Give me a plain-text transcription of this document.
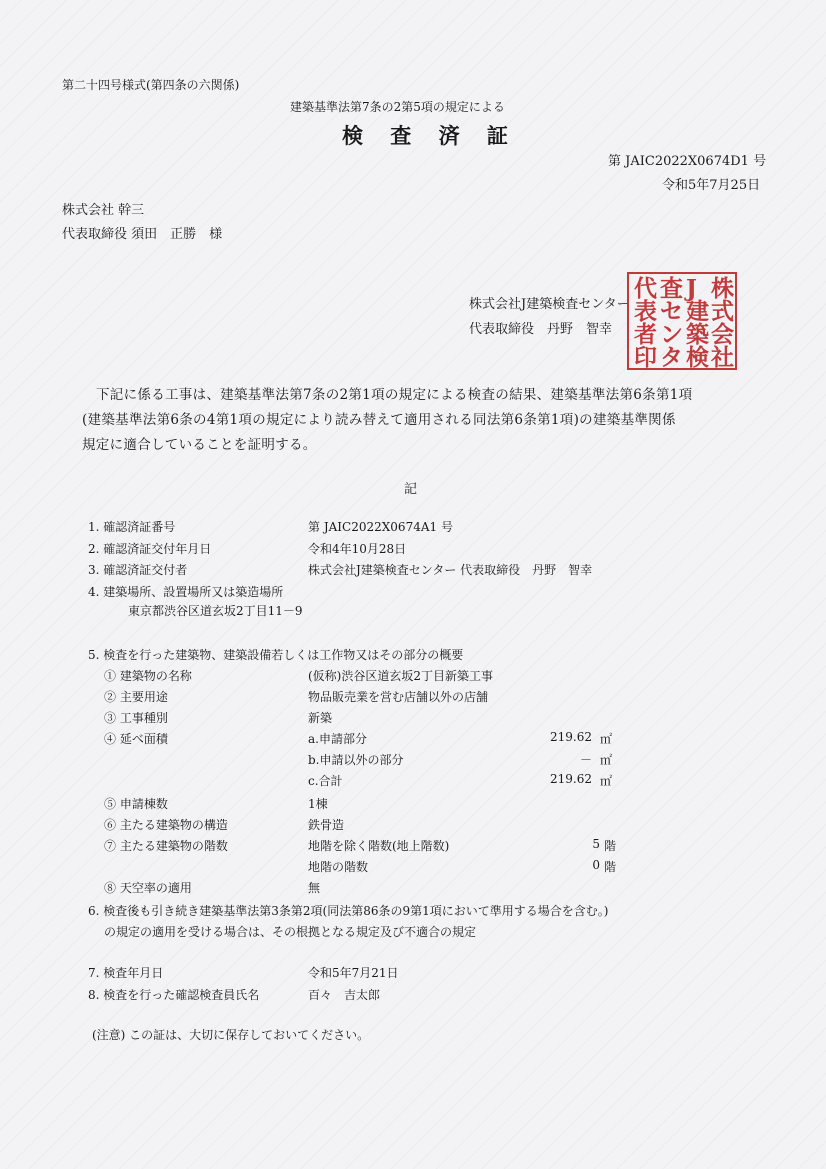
第二十四号様式(第四条の六関係)
建築基準法第7条の2第5項の規定による
検 査 済 証
第 JAIC2022X0674D1 号
令和5年7月25日
株式会社 幹三
代表取締役 須田　正勝　様
株式会社J建築検査センター
代表取締役　丹野　智幸
株
式
会
社
J
建
築
検
査
セ
ン
タ
代
表
者
印
下記に係る工事は、建築基準法第7条の2第1項の規定による検査の結果、建築基準法第6条第1項
(建築基準法第6条の4第1項の規定により読み替えて適用される同法第6条第1項)の建築基準関係
規定に適合していることを証明する。
記
1. 確認済証番号	第 JAIC2022X0674A1 号
2. 確認済証交付年月日	令和4年10月28日
3. 確認済証交付者	株式会社J建築検査センター 代表取締役　丹野　智幸
4. 建築場所、設置場所又は築造場所
東京都渋谷区道玄坂2丁目11－9
5. 検査を行った建築物、建築設備若しくは工作物又はその部分の概要
① 建築物の名称	(仮称)渋谷区道玄坂2丁目新築工事
② 主要用途	物品販売業を営む店舗以外の店舗
③ 工事種別	新築
④ 延べ面積	a.申請部分	219.62 ㎡
b.申請以外の部分	－ ㎡
c.合計	219.62 ㎡
⑤ 申請棟数	1棟
⑥ 主たる建築物の構造	鉄骨造
⑦ 主たる建築物の階数	地階を除く階数(地上階数)	5 階
地階の階数	0 階
⑧ 天空率の適用	無
6. 検査後も引き続き建築基準法第3条第2項(同法第86条の9第1項において準用する場合を含む。)
の規定の適用を受ける場合は、その根拠となる規定及び不適合の規定
7. 検査年月日	令和5年7月21日
8. 検査を行った確認検査員氏名	百々　吉太郎
(注意) この証は、大切に保存しておいてください。
